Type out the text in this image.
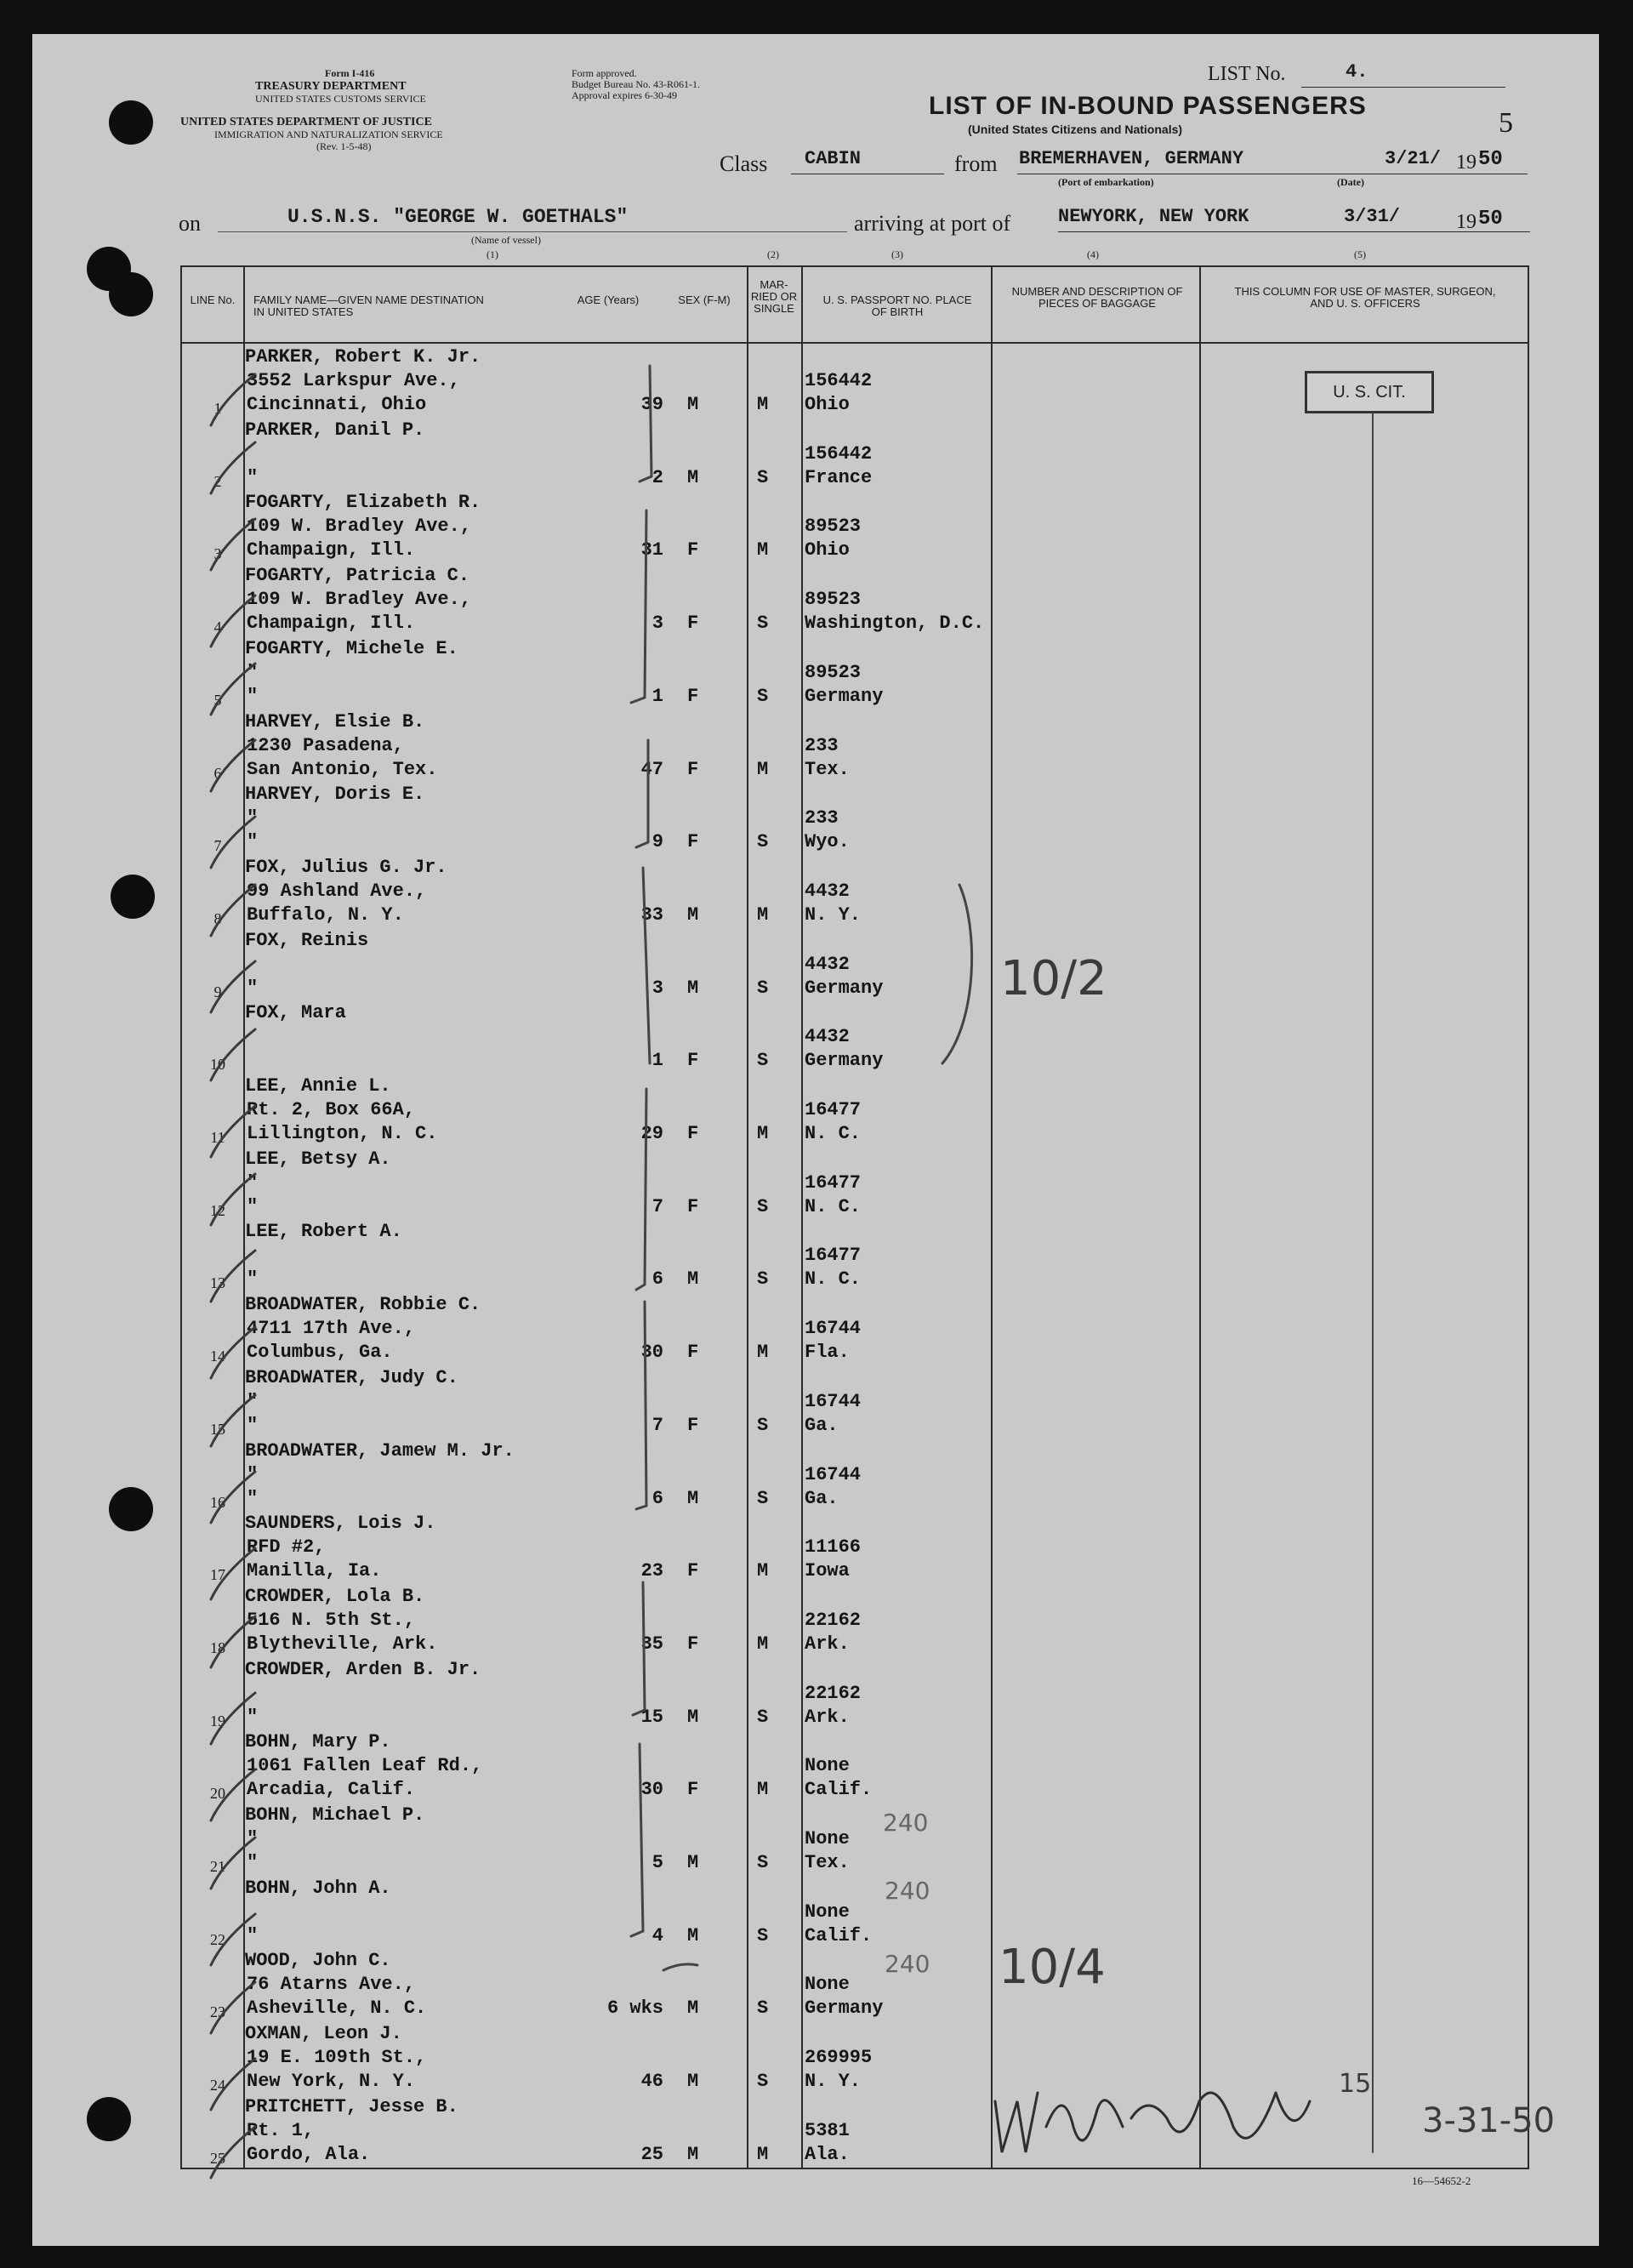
Form I-416
TREASURY DEPARTMENT
UNITED STATES CUSTOMS SERVICE
Form approved.
Budget Bureau No. 43-R061-1.
Approval expires 6-30-49
UNITED STATES DEPARTMENT OF JUSTICE
IMMIGRATION AND NATURALIZATION SERVICE
(Rev. 1-5-48)
LIST No.	4.
5
LIST OF IN-BOUND PASSENGERS
(United States Citizens and Nationals)
Class CABIN	from BREMERHAVEN, GERMANY
(Port of embarkation)
3/21/ 19 50
(Date)
on	U.S.N.S. "GEORGE W. GOETHALS"
(Name of vessel)
(1)
arriving at port of	NEWYORK, NEW YORK	3/31/	19 50
(2)	(3)	(4)	(5)
LINE No. FAMILY NAME—GIVEN NAME DESTINATION IN UNITED STATES
AGE (Years)	SEX (F-M)
MAR-RIED OR SINGLE
U. S. PASSPORT NO. PLACE OF BIRTH
NUMBER AND DESCRIPTION OF PIECES OF BAGGAGE
THIS COLUMN FOR USE OF MASTER, SURGEON, AND U. S. OFFICERS
1
PARKER, Robert K. Jr.
3552 Larkspur Ave.,
Cincinnati, Ohio	39 M	M
156442
Ohio
2
PARKER, Danil P.
"	2 M	S
156442
France
3
FOGARTY, Elizabeth R.
109 W. Bradley Ave.,
Champaign, Ill.	31 F	M
89523
Ohio
4
FOGARTY, Patricia C.
109 W. Bradley Ave.,
Champaign, Ill.	3 F	S
89523
Washington, D.C.
5
FOGARTY, Michele E.
"
"	1 F	S
89523
Germany
6
HARVEY, Elsie B.
1230 Pasadena,
San Antonio, Tex.	47 F	M
233
Tex.
7
HARVEY, Doris E.
"
"	9 F	S
233
Wyo.
8
FOX, Julius G. Jr.
99 Ashland Ave.,
Buffalo, N. Y.	33 M	M
4432
N. Y.
9
FOX, Reinis
"	3 M	S
4432
Germany
10
FOX, Mara
1 F	S
4432
Germany
11
LEE, Annie L.
Rt. 2, Box 66A,
Lillington, N. C.	29 F	M
16477
N. C.
12
LEE, Betsy A.
"
"	7 F	S
16477
N. C.
13
LEE, Robert A.
"	6 M	S
16477
N. C.
14
BROADWATER, Robbie C.
4711 17th Ave.,
Columbus, Ga.	30 F	M
16744
Fla.
15
BROADWATER, Judy C.
"
"	7 F	S
16744
Ga.
16
BROADWATER, Jamew M. Jr.
"
"	6 M	S
16744
Ga.
17
SAUNDERS, Lois J.
RFD #2,
Manilla, Ia.	23 F	M
11166
Iowa
18
CROWDER, Lola B.
516 N. 5th St.,
Blytheville, Ark.	35 F	M
22162
Ark.
19
CROWDER, Arden B. Jr.
"	15 M	S
22162
Ark.
20
BOHN, Mary P.
1061 Fallen Leaf Rd.,
Arcadia, Calif.	30 F	M
None
Calif.
21
BOHN, Michael P.
"
"	5 M	S
None
Tex.
22
BOHN, John A.
"	4 M	S
None
Calif.
23
WOOD, John C.
76 Atarns Ave.,
Asheville, N. C.	6 wks M	S
None
Germany
24
OXMAN, Leon J.
19 E. 109th St.,
New York, N. Y.	46 M	S
269995
N. Y.
25
PRITCHETT, Jesse B.
Rt. 1,
Gordo, Ala.	25 M	M
5381
Ala.
U. S. CIT.
10/2
10/4
240
240
240
15
3-31-50
16—54652-2
